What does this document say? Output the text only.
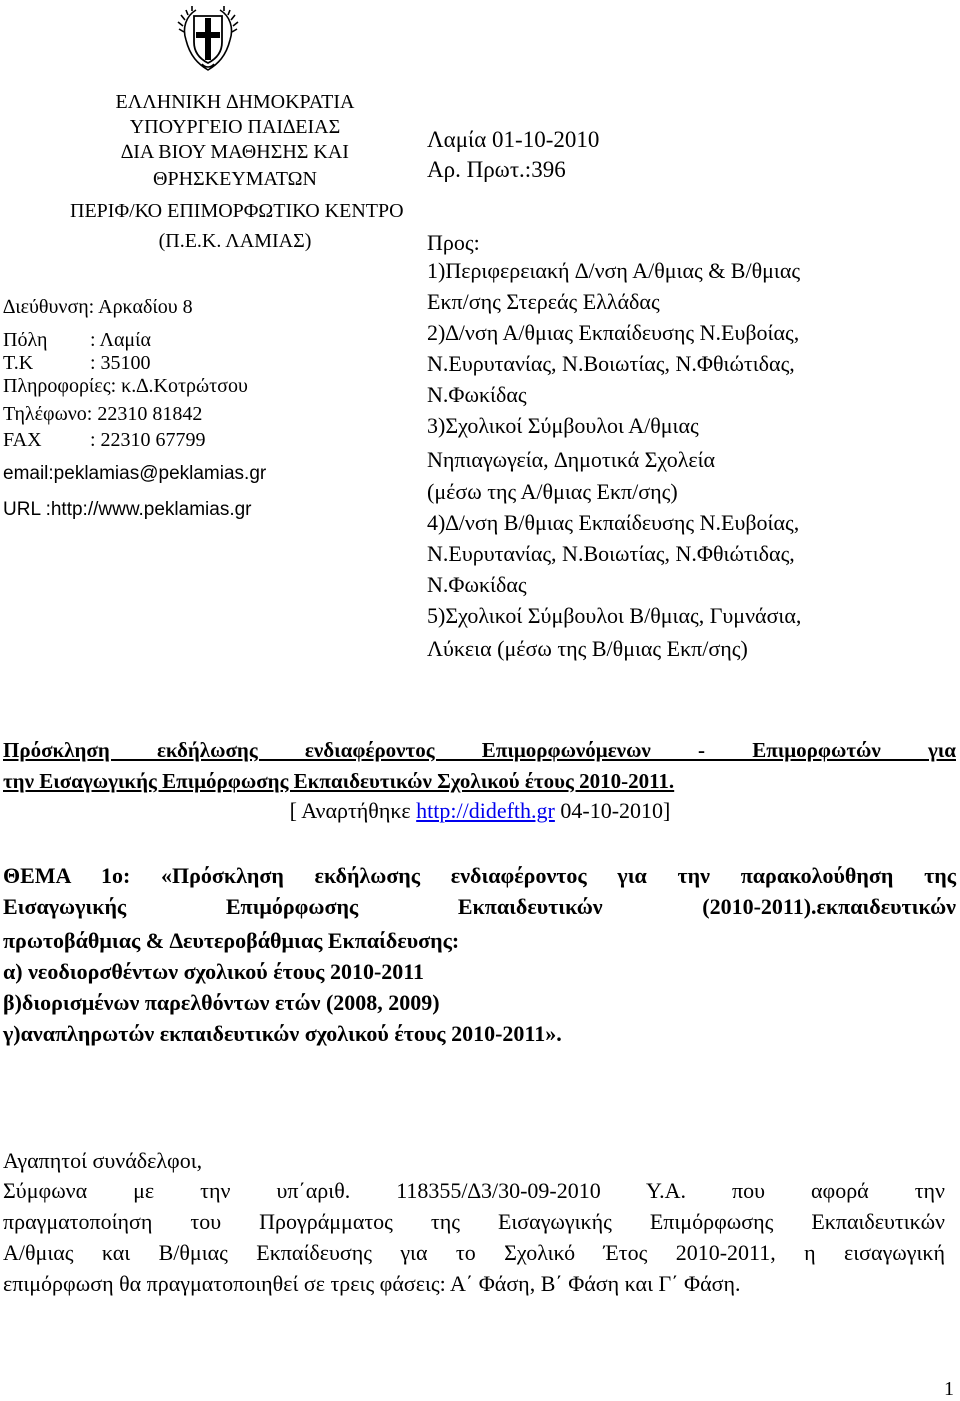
ΕΛΛΗΝΙΚΗ ∆ΗΜΟΚΡΑΤΙΑ
ΥΠΟΥΡΓΕΙΟ ΠΑΙ∆ΕΙΑΣ
∆ΙΑ ΒΙΟΥ ΜΑΘΗΣΗΣ ΚΑΙ
ΘΡΗΣΚΕΥΜΑΤΩΝ
ΠΕΡΙΦ/ΚΟ ΕΠΙΜΟΡΦΩΤΙΚΟ ΚΕΝΤΡΟ
(Π.Ε.Κ. ΛΑΜΙΑΣ)
∆ιεύθυνση: Αρκαδίου 8
Πόλη : Λαμία
Τ.Κ	: 35100
Πληροφορίες: κ.∆.Κοτρώτσου
Τηλέφωνο: 22310 81842
FAX : 22310 67799
email:peklamias@peklamias.gr
URL :http://www.peklamias.gr
Λαμία 01-10-2010
Αρ. Πρωτ.:396
Προς:
1)Περιφερειακή ∆/νση Α/θμιας & Β/θμιας
Εκπ/σης Στερεάς Ελλάδας
2)∆/νση Α/θμιας Εκπαίδευσης Ν.Ευβοίας,
Ν.Ευρυτανίας, Ν.Βοιωτίας, Ν.Φθιώτιδας,
Ν.Φωκίδας
3)Σχολικοί Σύμβουλοι Α/θμιας
Νηπιαγωγεία, ∆ημοτικά Σχολεία
(μέσω της Α/θμιας Εκπ/σης)
4)∆/νση Β/θμιας Εκπαίδευσης Ν.Ευβοίας,
Ν.Ευρυτανίας, Ν.Βοιωτίας, Ν.Φθιώτιδας,
Ν.Φωκίδας
5)Σχολικοί Σύμβουλοι Β/θμιας, Γυμνάσια,
Λύκεια (μέσω της Β/θμιας Εκπ/σης)
Πρόσκληση εκδήλωσης ενδιαφέροντος Επιμορφωνόμενων - Επιμορφωτών για
την Εισαγωγικής Επιμόρφωσης Εκπαιδευτικών Σχολικού έτους 2010-2011.
[ Αναρτήθηκε http://didefth.gr 04-10-2010]
ΘΕΜΑ 1ο: «Πρόσκληση εκδήλωσης ενδιαφέροντος για την παρακολούθηση της
Εισαγωγικής Επιμόρφωσης Εκπαιδευτικών (2010-2011).εκπαιδευτικών
πρωτοβάθμιας & ∆ευτεροβάθμιας Εκπαίδευσης:
α) νεοδιορσθέντων σχολικού έτους 2010-2011
β)διορισμένων παρελθόντων ετών (2008, 2009)
γ)αναπληρωτών εκπαιδευτικών σχολικού έτους 2010-2011».
Αγαπητοί συνάδελφοι,
Σύμφωνα με την υπ΄αριθ. 118355/∆3/30-09-2010 Υ.Α. που αφορά την
πραγματοποίηση του Προγράμματος της Εισαγωγικής Επιμόρφωσης Εκπαιδευτικών
Α/θμιας και Β/θμιας Εκπαίδευσης για το Σχολικό Έτος 2010-2011, η εισαγωγική
επιμόρφωση θα πραγματοποιηθεί σε τρεις φάσεις: Α΄ Φάση, Β΄ Φάση και Γ΄ Φάση.
1
